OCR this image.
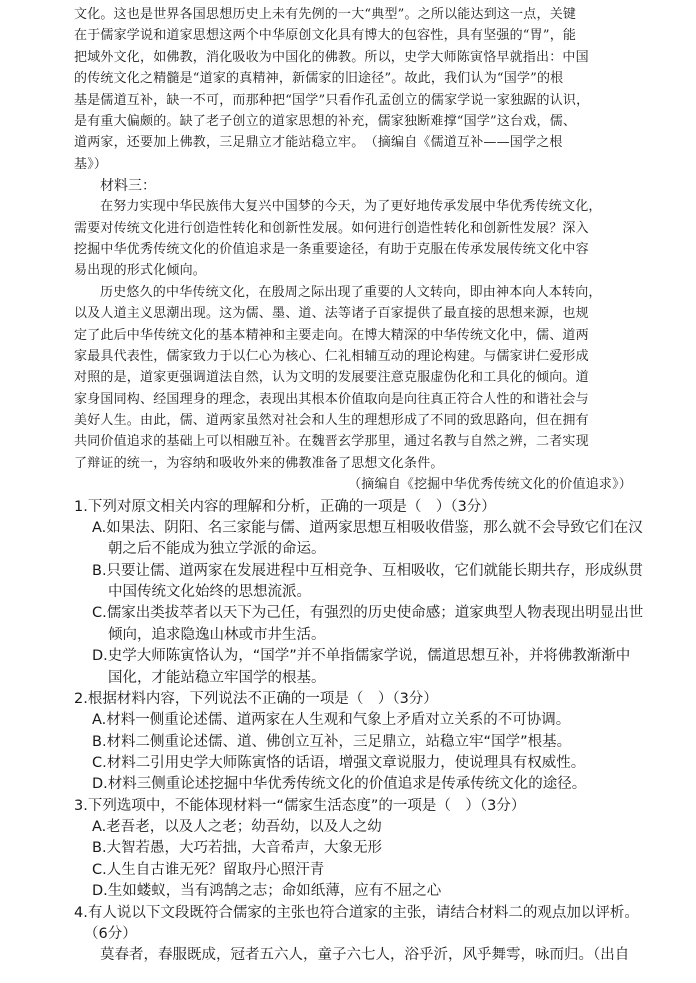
文化。这也是世界各国思想历史上未有先例的一大“典型”。之所以能达到这一点，关键
在于儒家学说和道家思想这两个中华原创文化具有博大的包容性，具有坚强的“胃”，能
把域外文化，如佛教，消化吸收为中国化的佛教。所以，史学大师陈寅恪早就指出：中国
的传统文化之精髓是“道家的真精神，新儒家的旧途径”。故此，我们认为“国学”的根
基是儒道互补，缺一不可，而那种把“国学”只看作孔孟创立的儒家学说一家独踞的认识，
是有重大偏颇的。缺了老子创立的道家思想的补充，儒家独断难撑“国学”这台戏，儒、
道两家，还要加上佛教，三足鼎立才能站稳立牢。　（摘编自《儒道互补——国学之根
基》）
材料三：
在努力实现中华民族伟大复兴中国梦的今天，为了更好地传承发展中华优秀传统文化，
需要对传统文化进行创造性转化和创新性发展。如何进行创造性转化和创新性发展？深入
挖掘中华优秀传统文化的价值追求是一条重要途径，有助于克服在传承发展传统文化中容
易出现的形式化倾向。
历史悠久的中华传统文化，在殷周之际出现了重要的人文转向，即由神本向人本转向，
以及人道主义思潮出现。这为儒、墨、道、法等诸子百家提供了最直接的思想来源，也规
定了此后中华传统文化的基本精神和主要走向。在博大精深的中华传统文化中，儒、道两
家最具代表性，儒家致力于以仁心为核心、仁礼相辅互动的理论构建。与儒家讲仁爱形成
对照的是，道家更强调道法自然，认为文明的发展要注意克服虚伪化和工具化的倾向。道
家身国同构、经国理身的理念，表现出其根本价值取向是向往真正符合人性的和谐社会与
美好人生。由此，儒、道两家虽然对社会和人生的理想形成了不同的致思路向，但在拥有
共同价值追求的基础上可以相融互补。在魏晋玄学那里，通过名教与自然之辨，二者实现
了辩证的统一，为容纳和吸收外来的佛教准备了思想文化条件。
（摘编自《挖掘中华优秀传统文化的价值追求》）
1.下列对原文相关内容的理解和分析，正确的一项是（　）（3分）
A.如果法、阴阳、名三家能与儒、道两家思想互相吸收借鉴，那么就不会导致它们在汉
朝之后不能成为独立学派的命运。
B.只要让儒、道两家在发展进程中互相竞争、互相吸收，它们就能长期共存，形成纵贯
中国传统文化始终的思想流派。
C.儒家出类拔萃者以天下为己任，有强烈的历史使命感；道家典型人物表现出明显出世
倾向，追求隐逸山林或市井生活。
D.史学大师陈寅恪认为，“国学”并不单指儒家学说，儒道思想互补，并将佛教渐渐中
国化，才能站稳立牢国学的根基。
2.根据材料内容，下列说法不正确的一项是（　）（3分）
A.材料一侧重论述儒、道两家在人生观和气象上矛盾对立关系的不可协调。
B.材料二侧重论述儒、道、佛创立互补，三足鼎立，站稳立牢“国学”根基。
C.材料二引用史学大师陈寅恪的话语，增强文章说服力，使说理具有权威性。
D.材料三侧重论述挖掘中华优秀传统文化的价值追求是传承传统文化的途径。
3.下列选项中，不能体现材料一“儒家生活态度”的一项是（　）（3分）
A.老吾老，以及人之老；幼吾幼，以及人之幼
B.大智若愚，大巧若拙，大音希声，大象无形
C.人生自古谁无死？留取丹心照汗青
D.生如蝼蚁，当有鸿鹄之志；命如纸薄，应有不屈之心
4.有人说以下文段既符合儒家的主张也符合道家的主张，请结合材料二的观点加以评析。
（6分）
莫春者，春服既成，冠者五六人，童子六七人，浴乎沂，风乎舞雩，咏而归。（出自
